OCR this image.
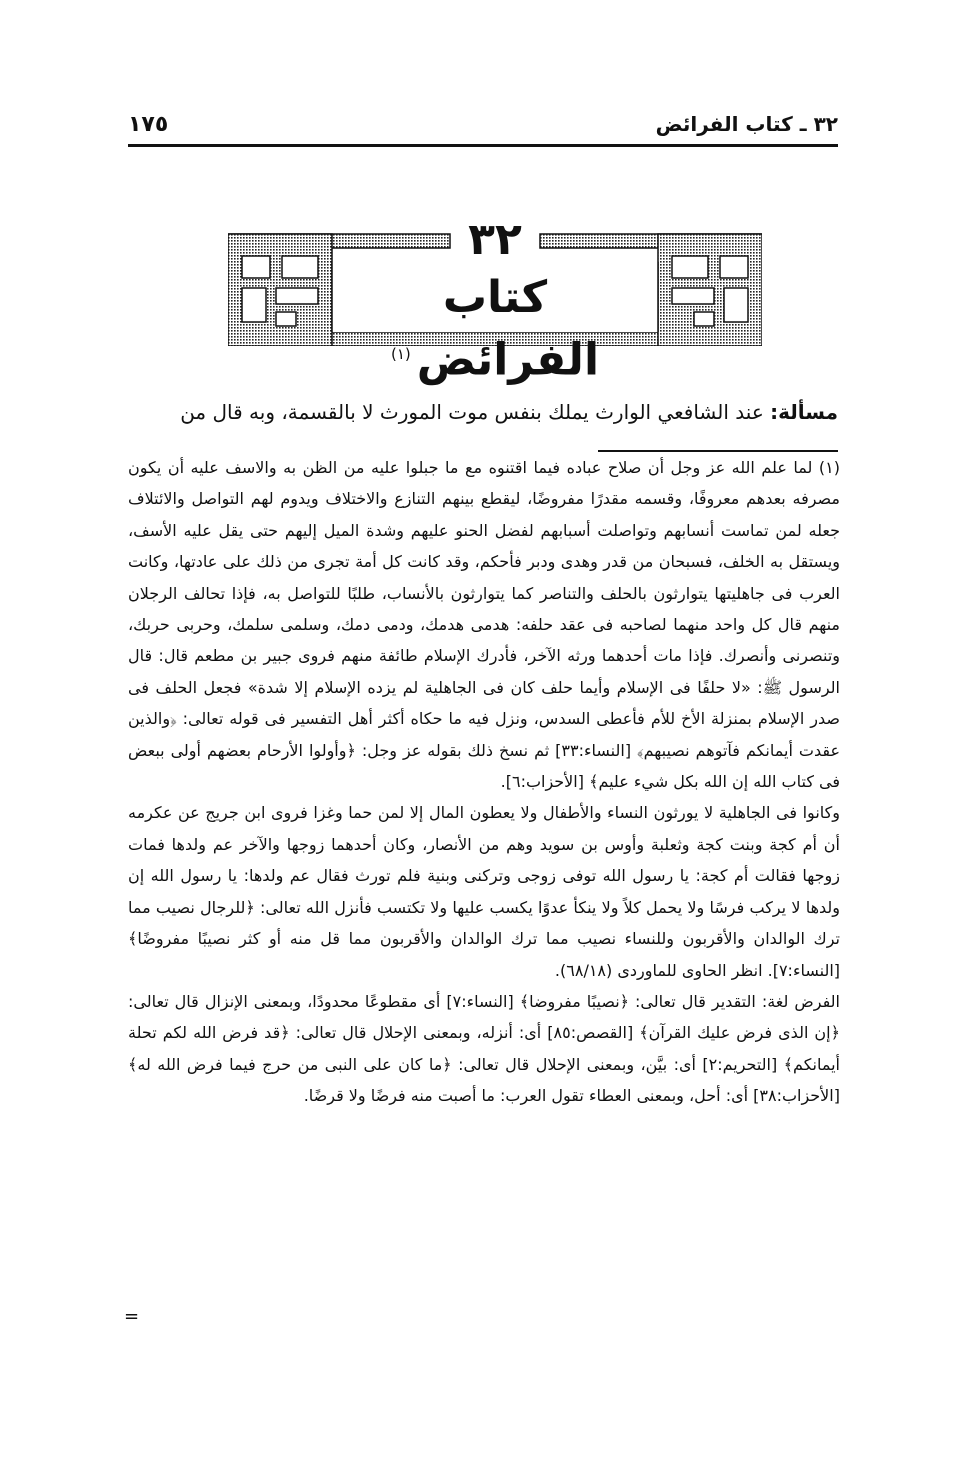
٣٢ ـ كتاب الفرائض
١٧٥
٣٢
كتاب الفرائض$^{(١)}$
مسألة: عند الشافعي الوارث يملك بنفس موت المورث لا بالقسمة، وبه قال من

(١) لما علم الله عز وجل أن صلاح عباده فيما اقتنوه مع ما جبلوا عليه من الظن به والاسف عليه أن يكون مصرفه بعدهم معروفًا، وقسمه مقدرًا مفروضًا، ليقطع بينهم التنازع والاختلاف ويدوم لهم التواصل والائتلاف جعله لمن تماست أنسابهم وتواصلت أسبابهم لفضل الحنو عليهم وشدة الميل إليهم حتى يقل عليه الأسف، ويستقل به الخلف، فسبحان من قدر وهدى ودبر فأحكم، وقد كانت كل أمة تجرى من ذلك على عادتها، وكانت العرب فى جاهليتها يتوارثون بالحلف والتناصر كما يتوارثون بالأنساب، طلبًا للتواصل به، فإذا تحالف الرجلان منهم قال كل واحد منهما لصاحبه فى عقد حلفه: هدمى هدمك، ودمى دمك، وسلمى سلمك، وحربى حربك، وتنصرنى وأنصرك. فإذا مات أحدهما ورثه الآخر، فأدرك الإسلام طائفة منهم فروى جبير بن مطعم قال: قال الرسول ﷺ: «لا حلفًا فى الإسلام وأيما حلف كان فى الجاهلية لم يزده الإسلام إلا شدة» فجعل الحلف فى صدر الإسلام بمنزلة الأخ للأم فأعطى السدس، ونزل فيه ما حكاه أكثر أهل التفسير فى قوله تعالى: ﴿والذين عقدت أيمانكم فآتوهم نصيبهم﴾ [النساء:٣٣] ثم نسخ ذلك بقوله عز وجل: ﴿وأولوا الأرحام بعضهم أولى ببعض فى كتاب الله إن الله بكل شيء عليم﴾ [الأحزاب:٦].

وكانوا فى الجاهلية لا يورثون النساء والأطفال ولا يعطون المال إلا لمن حما وغزا فروى ابن جريج عن عكرمه أن أم كجة وبنت كجة وثعلبة وأوس بن سويد وهم من الأنصار، وكان أحدهما زوجها والآخر عم ولدها فمات زوجها فقالت أم كجة: يا رسول الله توفى زوجى وتركنى وبنية فلم تورث فقال عم ولدها: يا رسول الله إن ولدها لا يركب فرسًا ولا يحمل كلاً ولا ينكأ عدوًا يكسب عليها ولا تكتسب فأنزل الله تعالى: ﴿للرجال نصيب مما ترك الوالدان والأقربون وللنساء نصيب مما ترك الوالدان والأقربون مما قل منه أو كثر نصيبًا مفروضًا﴾ [النساء:٧]. انظر الحاوى للماوردى (٦٨/١٨).

الفرض لغة: التقدير قال تعالى: ﴿نصيبًا مفروضا﴾ [النساء:٧] أى مقطوعًا محدودًا، وبمعنى الإنزال قال تعالى: ﴿إن الذى فرض عليك القرآن﴾ [القصص:٨٥] أى: أنزله، وبمعنى الإحلال قال تعالى: ﴿قد فرض الله لكم تحلة أيمانكم﴾ [التحريم:٢] أى: بيَّن، وبمعنى الإحلال قال تعالى: ﴿ما كان على النبى من حرج فيما فرض الله له﴾ [الأحزاب:٣٨] أى: أحل، وبمعنى العطاء تقول العرب: ما أصبت منه فرضًا ولا قرضًا.

=
